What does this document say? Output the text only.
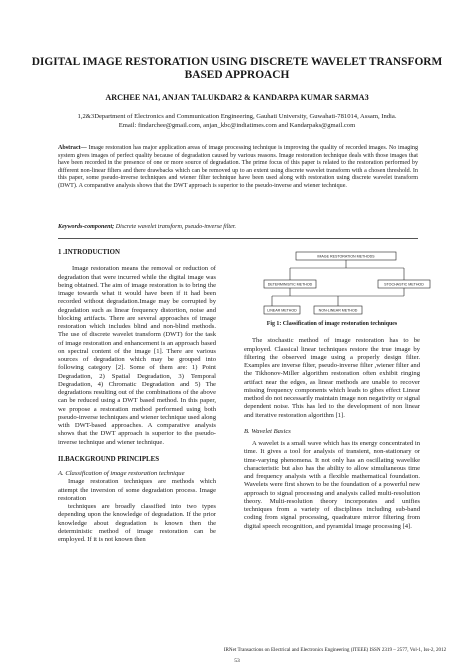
DIGITAL IMAGE RESTORATION USING DISCRETE WAVELET TRANSFORM BASED APPROACH
ARCHEE NA1, ANJAN TALUKDAR2 & KANDARPA KUMAR SARMA3
1,2&3Department of Electronics and Communication Engineering, Gauhati University, Guwahati-781014, Assam, India.
Email: findarchee@gmail.com, anjan_kbc@indiatimes.com and Kandarpaks@gmail.com
Abstract— Image restoration has major application areas of image processing technique is improving the quality of recorded images. No imaging system gives images of perfect quality because of degradation caused by various reasons. Image restoration technique deals with those images that have been recorded in the presence of one or more source of degradation. The prime focus of this paper is related to the restoration performed by different non-linear filters and there drawbacks which can be removed up to an extent using discrete wavelet transform with a chosen threshold. In this paper, some pseudo-inverse techniques and wiener filter technique have been used along with restoration using discrete wavelet transform (DWT). A comparative analysis shows that the DWT approach is superior to the pseudo-inverse and wiener technique.
Keywords-component; Discrete wavelet transform, pseudo-inverse filter.

1 .INTRODUCTION

Image restoration means the removal or reduction of degradation that were incurred while the digital image was being obtained. The aim of image restoration is to bring the image towards what it would have been if it had been recorded without degradation.Image may be corrupted by degradation such as linear frequency distortion, noise and blocking artifacts. There are several approaches of image restoration which includes blind and non-blind methods. The use of discrete wavelet transform (DWT) for the task of image restoration and enhancement is an approach based on spectral content of the image [1]. There are various sources of degradation which may be grouped into following category [2]. Some of them are: 1) Point Degradation, 2) Spatial Degradation, 3) Temporal Degradation, 4) Chromatic Degradation and 5) The degradations resulting out of the combinations of the above can be reduced using a DWT based method. In this paper, we propose a restoration method performed using both pseudo-inverse techniques and wiener technique used along with DWT-based approaches. A comparative analysis shows that the DWT approach is superior to the pseudo-inverse technique and wiener technique.

II.BACKGROUND PRINCIPLES

A. Classification of image restoration technique

Image restoration techniques are methods which attempt the inversion of some degradation process. Image restoration

techniques are broadly classified into two types depending upon the knowledge of degradation. If the prior knowledge about degradation is known then the deterministic method of image restoration can be employed. If it is not known then

IMAGE RESTORATION METHODS
DETERMINISTIC METHOD	STOCHASTIC METHOD
LINEAR METHOD	NON-LINEAR METHOD

Fig 1: Classification of image restoration techniques

The stochastic method of image restoration has to be employed. Classical linear techniques restore the true image by filtering the observed image using a properly design filter. Examples are inverse filter, pseudo-inverse filter ,wiener filter and the Tikhonov-Miller algorithm restoration often exhibit ringing artifact near the edges, as linear methods are unable to recover missing frequency components which leads to gibes effect Linear method do not necessarily maintain image non negativity or signal dependent noise. This has led to the development of non linear and iterative restoration algorithm [1].

B. Wavelet Basics

A wavelet is a small wave which has its energy concentrated in time. It gives a tool for analysis of transient, non-stationary or time-varying phenomena. It not only has an oscillating wavelike characteristic but also has the ability to allow simultaneous time and frequency analysis with a flexible mathematical foundation. Wavelets were first shown to be the foundation of a powerful new approach to signal processing and analysis called multi-resolution theory. Multi-resolution theory incorporates and unifies techniques from a variety of disciplines including sub-band coding from signal processing, quadrature mirror filtering from digital speech recognition, and pyramidal image processing [4].

IRNet Transactions on Electrical and Electronics Engineering (ITEEE) ISSN 2319 – 2577, Vol-1, Iss-2, 2012
53
